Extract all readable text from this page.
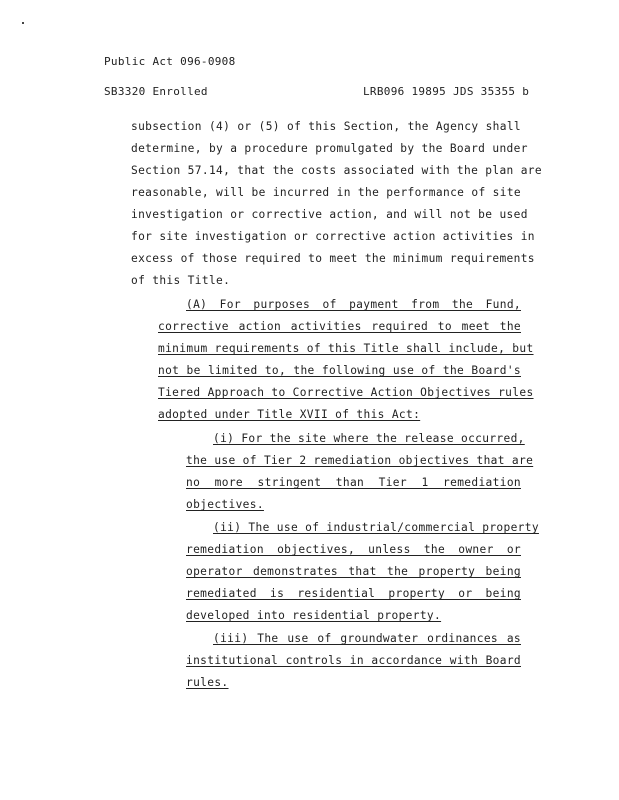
Public Act 096-0908
SB3320 Enrolled	LRB096 19895 JDS 35355 b
subsection (4) or (5) of this Section, the Agency shall
determine, by a procedure promulgated by the Board under
Section 57.14, that the costs associated with the plan are
reasonable, will be incurred in the performance of site
investigation or corrective action, and will not be used
for site investigation or corrective action activities in
excess of those required to meet the minimum requirements
of this Title.
(A) For purposes of payment from the Fund,
corrective action activities required to meet the
minimum requirements of this Title shall include, but
not be limited to, the following use of the Board's
Tiered Approach to Corrective Action Objectives rules
adopted under Title XVII of this Act:
(i) For the site where the release occurred,
the use of Tier 2 remediation objectives that are
no more stringent than Tier 1 remediation
objectives.
(ii) The use of industrial/commercial property
remediation objectives, unless the owner or
operator demonstrates that the property being
remediated is residential property or being
developed into residential property.
(iii) The use of groundwater ordinances as
institutional controls in accordance with Board
rules.
